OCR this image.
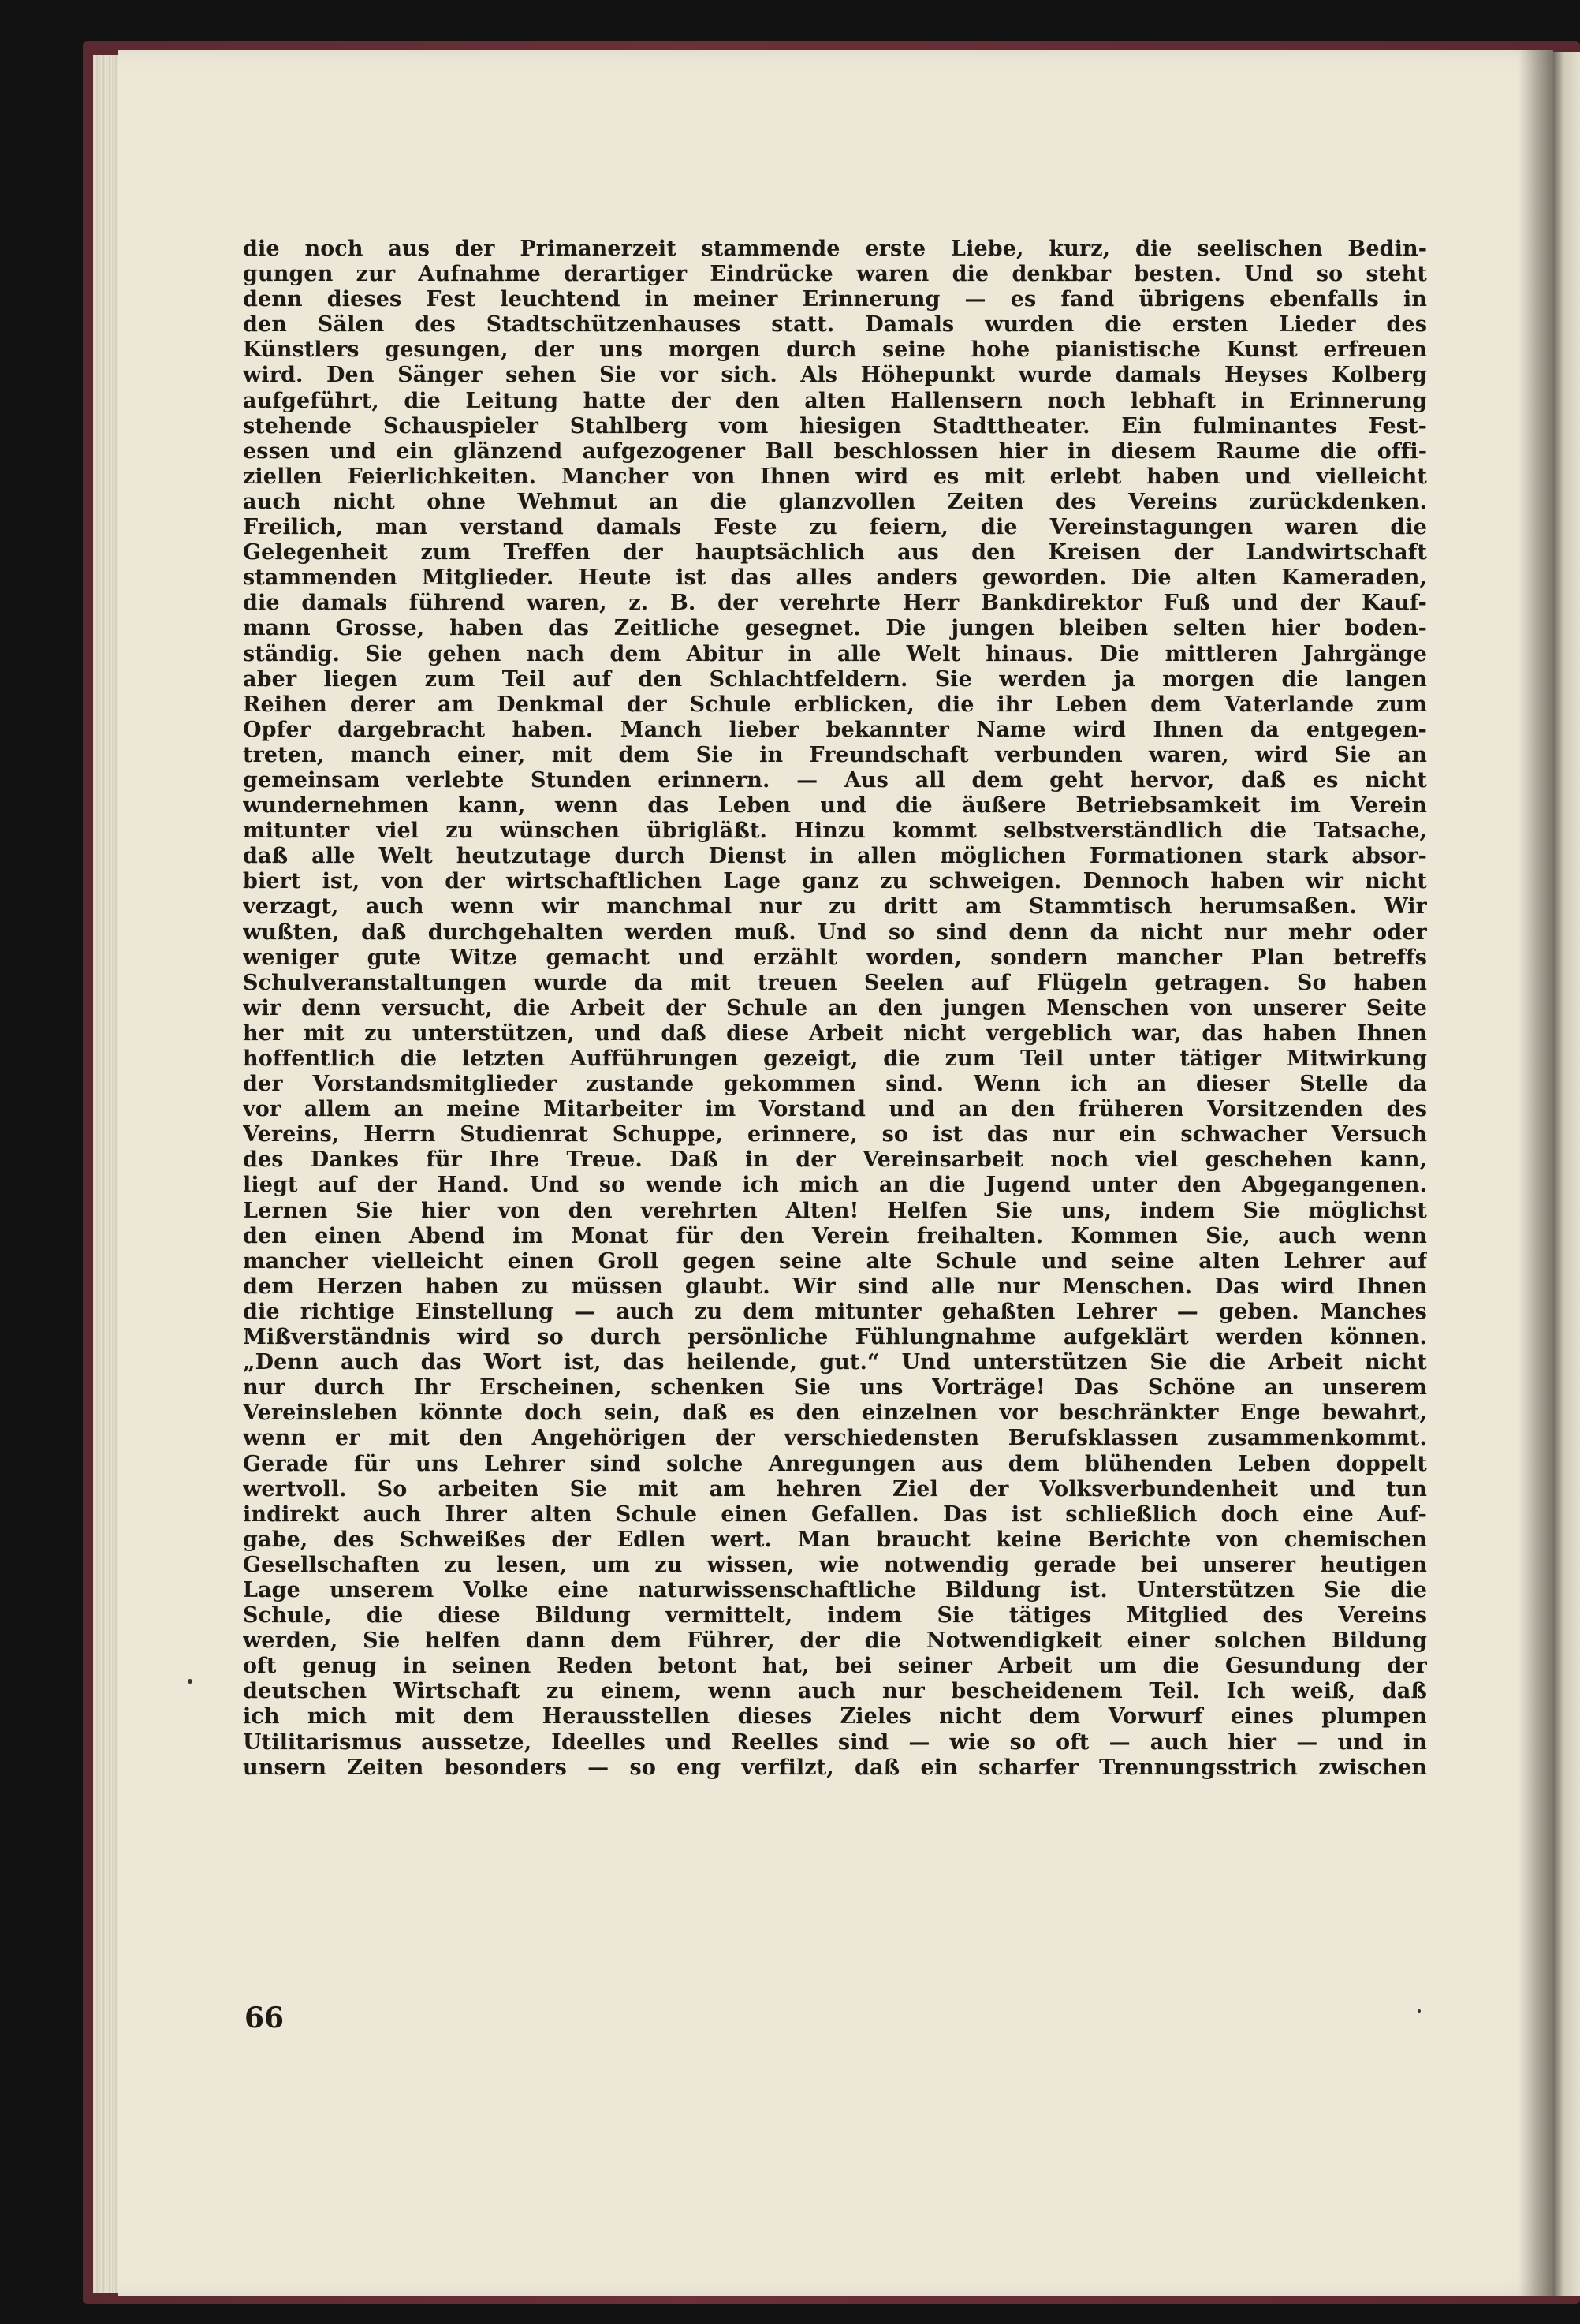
die noch aus der Primanerzeit stammende erste Liebe, kurz, die seelischen Bedin-
gungen zur Aufnahme derartiger Eindrücke waren die denkbar besten. Und so steht
denn dieses Fest leuchtend in meiner Erinnerung — es fand übrigens ebenfalls in
den Sälen des Stadtschützenhauses statt. Damals wurden die ersten Lieder des
Künstlers gesungen, der uns morgen durch seine hohe pianistische Kunst erfreuen
wird. Den Sänger sehen Sie vor sich. Als Höhepunkt wurde damals Heyses Kolberg
aufgeführt, die Leitung hatte der den alten Hallensern noch lebhaft in Erinnerung
stehende Schauspieler Stahlberg vom hiesigen Stadttheater. Ein fulminantes Fest-
essen und ein glänzend aufgezogener Ball beschlossen hier in diesem Raume die offi-
ziellen Feierlichkeiten. Mancher von Ihnen wird es mit erlebt haben und vielleicht
auch nicht ohne Wehmut an die glanzvollen Zeiten des Vereins zurückdenken.
Freilich, man verstand damals Feste zu feiern, die Vereinstagungen waren die
Gelegenheit zum Treffen der hauptsächlich aus den Kreisen der Landwirtschaft
stammenden Mitglieder. Heute ist das alles anders geworden. Die alten Kameraden,
die damals führend waren, z. B. der verehrte Herr Bankdirektor Fuß und der Kauf-
mann Grosse, haben das Zeitliche gesegnet. Die jungen bleiben selten hier boden-
ständig. Sie gehen nach dem Abitur in alle Welt hinaus. Die mittleren Jahrgänge
aber liegen zum Teil auf den Schlachtfeldern. Sie werden ja morgen die langen
Reihen derer am Denkmal der Schule erblicken, die ihr Leben dem Vaterlande zum
Opfer dargebracht haben. Manch lieber bekannter Name wird Ihnen da entgegen-
treten, manch einer, mit dem Sie in Freundschaft verbunden waren, wird Sie an
gemeinsam verlebte Stunden erinnern. — Aus all dem geht hervor, daß es nicht
wundernehmen kann, wenn das Leben und die äußere Betriebsamkeit im Verein
mitunter viel zu wünschen übrigläßt. Hinzu kommt selbstverständlich die Tatsache,
daß alle Welt heutzutage durch Dienst in allen möglichen Formationen stark absor-
biert ist, von der wirtschaftlichen Lage ganz zu schweigen. Dennoch haben wir nicht
verzagt, auch wenn wir manchmal nur zu dritt am Stammtisch herumsaßen. Wir
wußten, daß durchgehalten werden muß. Und so sind denn da nicht nur mehr oder
weniger gute Witze gemacht und erzählt worden, sondern mancher Plan betreffs
Schulveranstaltungen wurde da mit treuen Seelen auf Flügeln getragen. So haben
wir denn versucht, die Arbeit der Schule an den jungen Menschen von unserer Seite
her mit zu unterstützen, und daß diese Arbeit nicht vergeblich war, das haben Ihnen
hoffentlich die letzten Aufführungen gezeigt, die zum Teil unter tätiger Mitwirkung
der Vorstandsmitglieder zustande gekommen sind. Wenn ich an dieser Stelle da
vor allem an meine Mitarbeiter im Vorstand und an den früheren Vorsitzenden des
Vereins, Herrn Studienrat Schuppe, erinnere, so ist das nur ein schwacher Versuch
des Dankes für Ihre Treue. Daß in der Vereinsarbeit noch viel geschehen kann,
liegt auf der Hand. Und so wende ich mich an die Jugend unter den Abgegangenen.
Lernen Sie hier von den verehrten Alten! Helfen Sie uns, indem Sie möglichst
den einen Abend im Monat für den Verein freihalten. Kommen Sie, auch wenn
mancher vielleicht einen Groll gegen seine alte Schule und seine alten Lehrer auf
dem Herzen haben zu müssen glaubt. Wir sind alle nur Menschen. Das wird Ihnen
die richtige Einstellung — auch zu dem mitunter gehaßten Lehrer — geben. Manches
Mißverständnis wird so durch persönliche Fühlungnahme aufgeklärt werden können.
„Denn auch das Wort ist, das heilende, gut.“ Und unterstützen Sie die Arbeit nicht
nur durch Ihr Erscheinen, schenken Sie uns Vorträge! Das Schöne an unserem
Vereinsleben könnte doch sein, daß es den einzelnen vor beschränkter Enge bewahrt,
wenn er mit den Angehörigen der verschiedensten Berufsklassen zusammenkommt.
Gerade für uns Lehrer sind solche Anregungen aus dem blühenden Leben doppelt
wertvoll. So arbeiten Sie mit am hehren Ziel der Volksverbundenheit und tun
indirekt auch Ihrer alten Schule einen Gefallen. Das ist schließlich doch eine Auf-
gabe, des Schweißes der Edlen wert. Man braucht keine Berichte von chemischen
Gesellschaften zu lesen, um zu wissen, wie notwendig gerade bei unserer heutigen
Lage unserem Volke eine naturwissenschaftliche Bildung ist. Unterstützen Sie die
Schule, die diese Bildung vermittelt, indem Sie tätiges Mitglied des Vereins
werden, Sie helfen dann dem Führer, der die Notwendigkeit einer solchen Bildung
oft genug in seinen Reden betont hat, bei seiner Arbeit um die Gesundung der
deutschen Wirtschaft zu einem, wenn auch nur bescheidenem Teil. Ich weiß, daß
ich mich mit dem Herausstellen dieses Zieles nicht dem Vorwurf eines plumpen
Utilitarismus aussetze, Ideelles und Reelles sind — wie so oft — auch hier — und in
unsern Zeiten besonders — so eng verfilzt, daß ein scharfer Trennungsstrich zwischen
66
